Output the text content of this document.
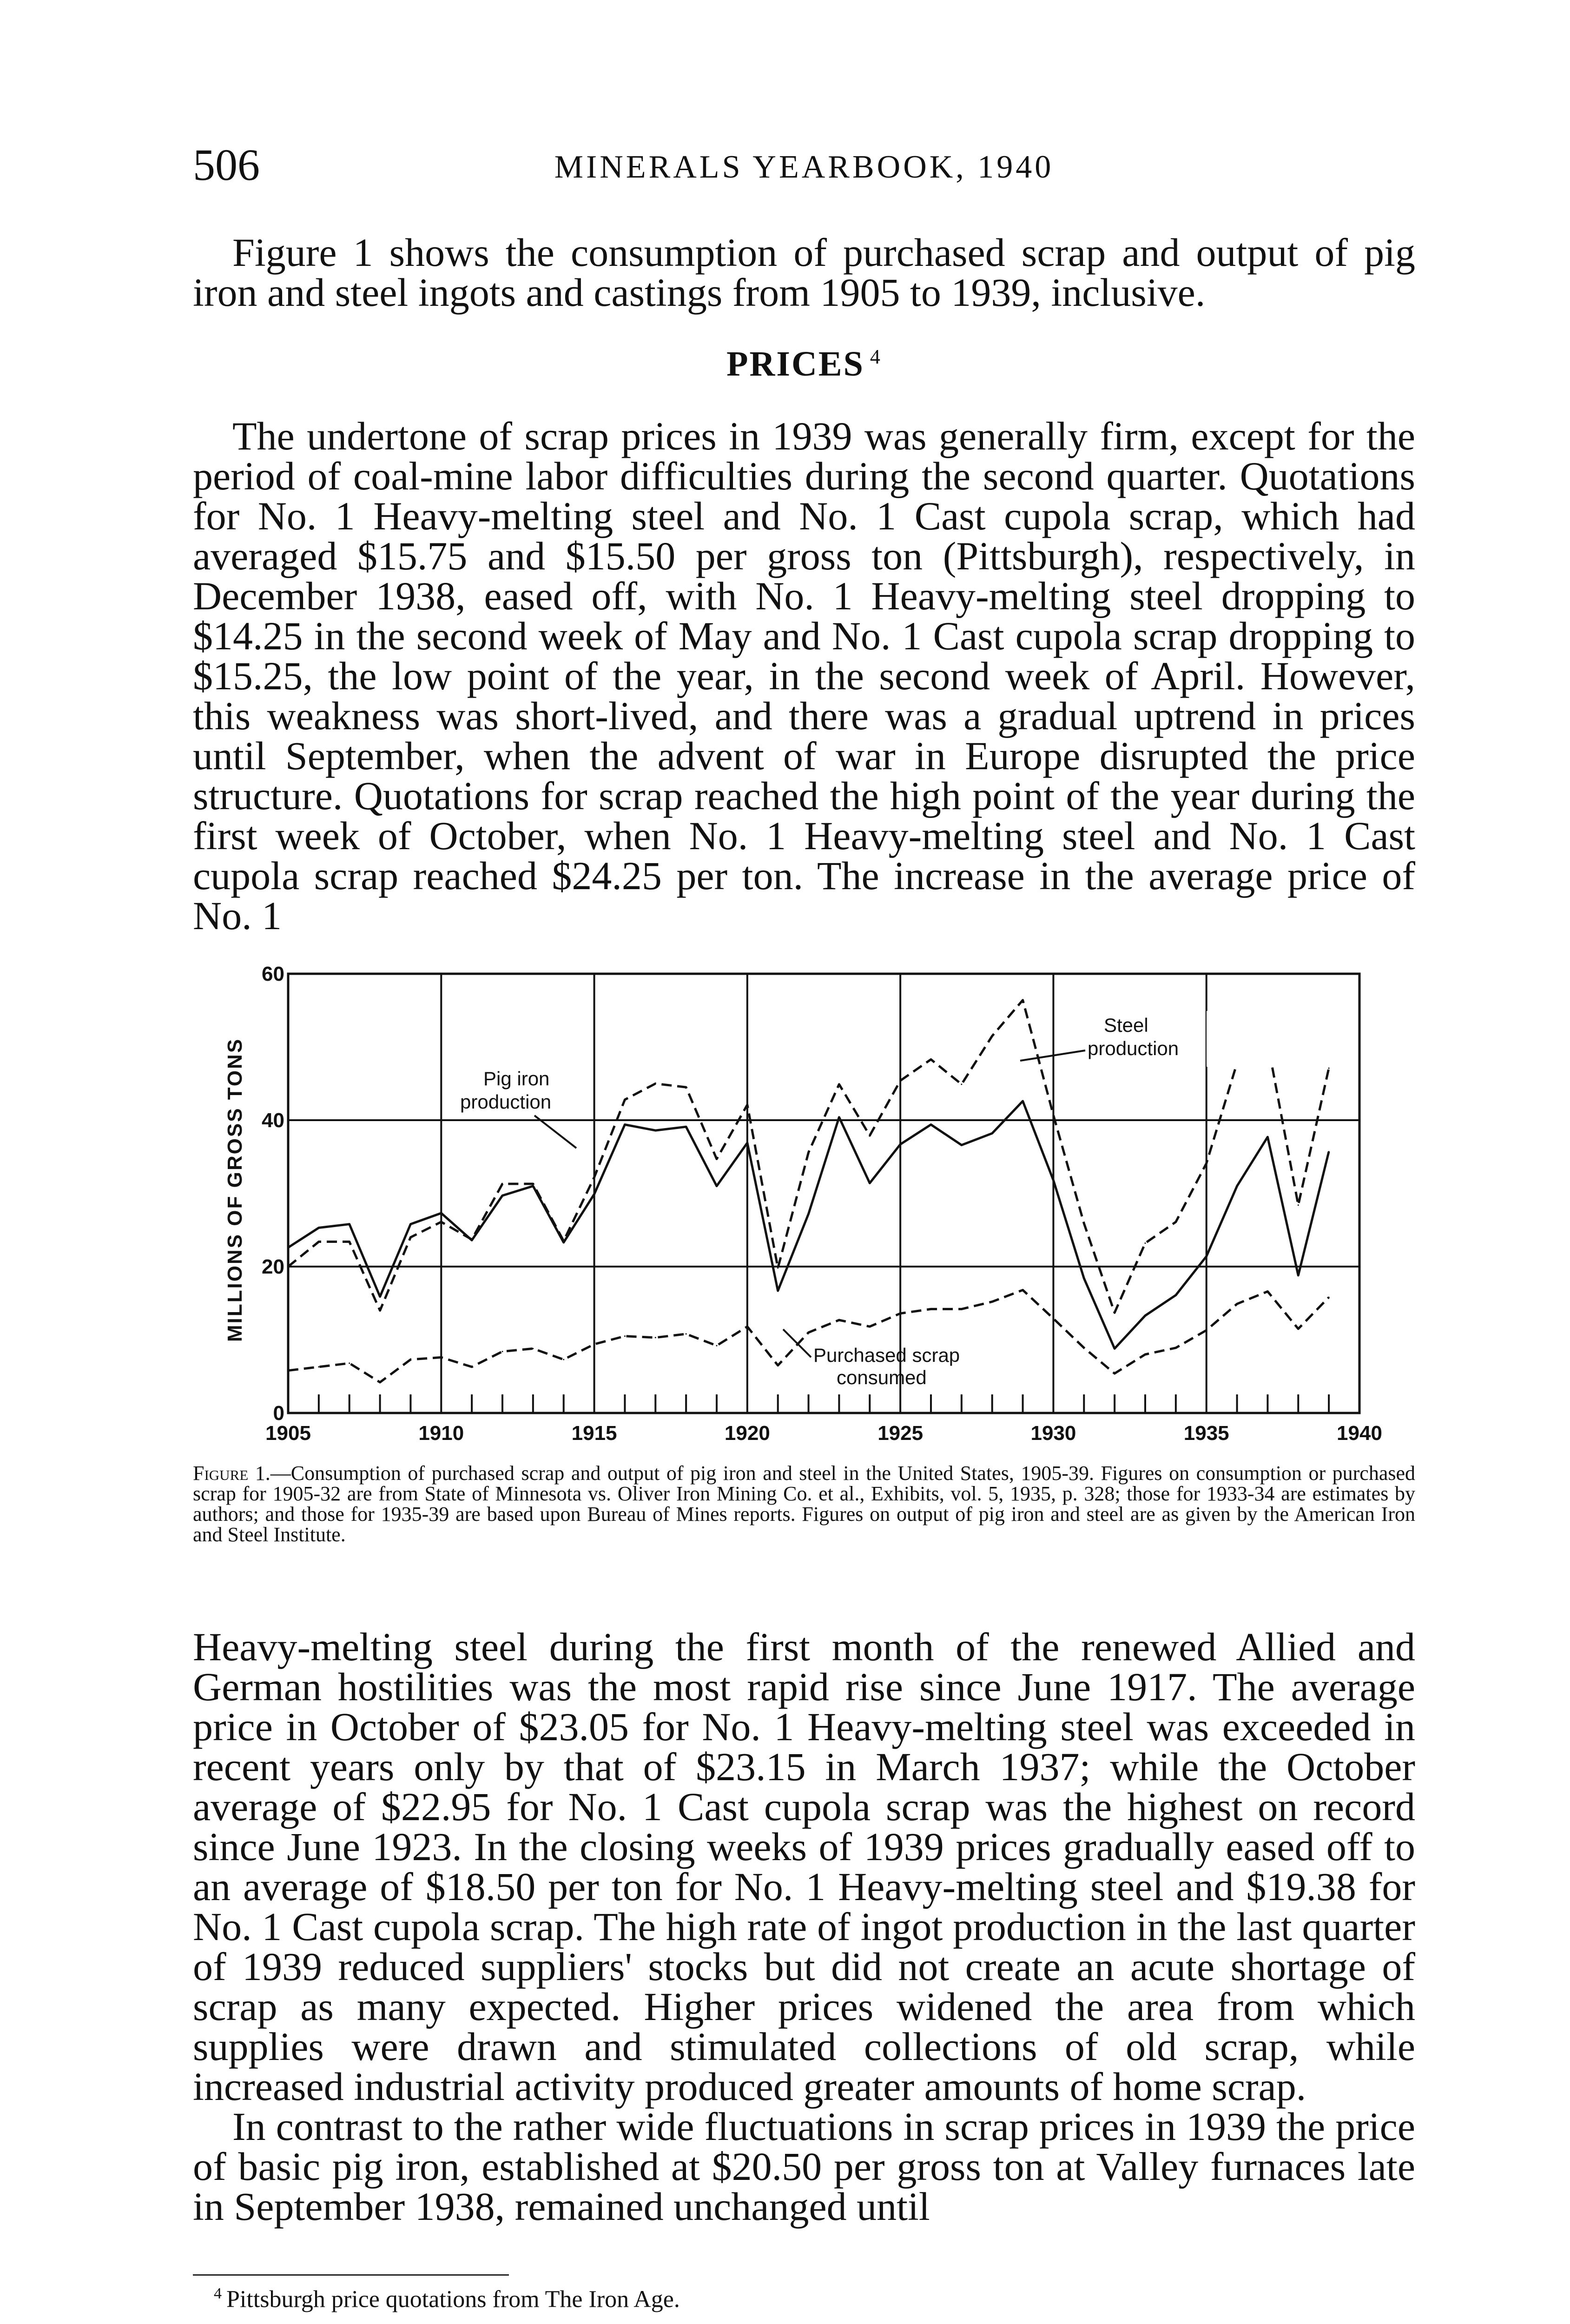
506	MINERALS YEARBOOK, 1940

Figure 1 shows the consumption of purchased scrap and output of pig iron and steel ingots and castings from 1905 to 1939, inclusive.

PRICES $^4$

The undertone of scrap prices in 1939 was generally firm, except for the period of coal-mine labor difficulties during the second quarter. Quotations for No. 1 Heavy-melting steel and No. 1 Cast cupola scrap, which had averaged $15.75 and $15.50 per gross ton (Pittsburgh), respectively, in December 1938, eased off, with No. 1 Heavy-melting steel dropping to $14.25 in the second week of May and No. 1 Cast cupola scrap dropping to $15.25, the low point of the year, in the second week of April. However, this weakness was short-lived, and there was a gradual uptrend in prices until September, when the advent of war in Europe disrupted the price structure. Quotations for scrap reached the high point of the year during the first week of October, when No. 1 Heavy-melting steel and No. 1 Cast cupola scrap reached $24.25 per ton. The increase in the average price of No. 1

1905	1910	1915	1920	1925	1930	1935	1940
0
20
40
60
MILLIONS OF GROSS TONS
Steel
production
Pig iron
production
Purchased scrap
consumed
Figure 1.—Consumption of purchased scrap and output of pig iron and steel in the United States, 1905-39. Figures on consumption or purchased scrap for 1905-32 are from State of Minnesota vs. Oliver Iron Mining Co. et al., Exhibits, vol. 5, 1935, p. 328; those for 1933-34 are estimates by authors; and those for 1935-39 are based upon Bureau of Mines reports. Figures on output of pig iron and steel are as given by the American Iron and Steel Institute.

Heavy-melting steel during the first month of the renewed Allied and German hostilities was the most rapid rise since June 1917. The average price in October of $23.05 for No. 1 Heavy-melting steel was exceeded in recent years only by that of $23.15 in March 1937; while the October average of $22.95 for No. 1 Cast cupola scrap was the highest on record since June 1923. In the closing weeks of 1939 prices gradually eased off to an average of $18.50 per ton for No. 1 Heavy-melting steel and $19.38 for No. 1 Cast cupola scrap. The high rate of ingot production in the last quarter of 1939 reduced suppliers' stocks but did not create an acute shortage of scrap as many expected. Higher prices widened the area from which supplies were drawn and stimulated collections of old scrap, while increased industrial activity produced greater amounts of home scrap.

In contrast to the rather wide fluctuations in scrap prices in 1939 the price of basic pig iron, established at $20.50 per gross ton at Valley furnaces late in September 1938, remained unchanged until

$^4$ Pittsburgh price quotations from The Iron Age.
